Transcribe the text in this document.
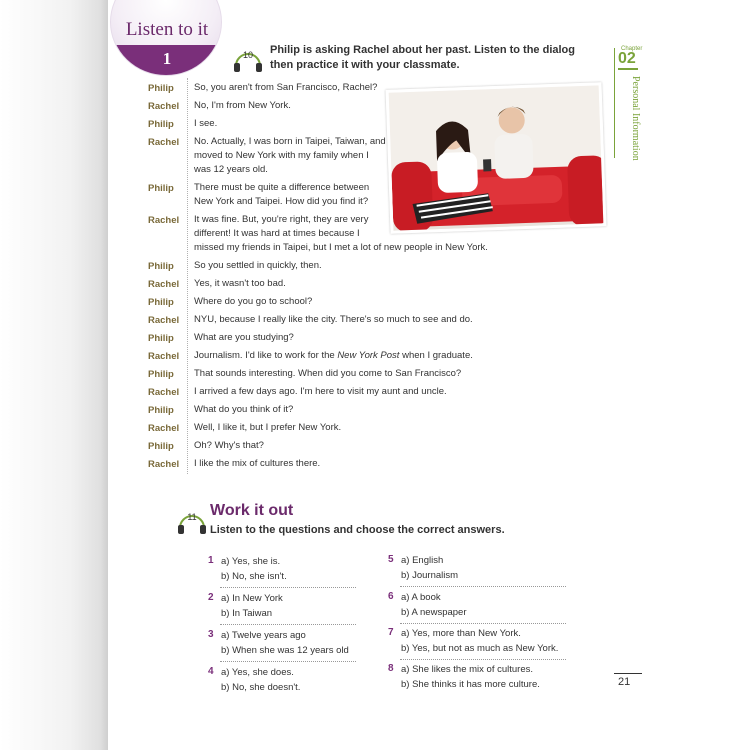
Listen to it
1	10	Philip is asking Rachel about her past. Listen to the dialog then practice it with your classmate.
Chapter
02
Personal Information
Philip	So, you aren't from San Francisco, Rachel?
Rachel	No, I'm from New York.
Philip	I see.
Rachel	No. Actually, I was born in Taipei, Taiwan, and
moved to New York with my family when I
was 12 years old.
Philip	There must be quite a difference between
New York and Taipei. How did you find it?
Rachel	It was fine. But, you're right, they are very
different! It was hard at times because I
missed my friends in Taipei, but I met a lot of new people in New York.
Philip	So you settled in quickly, then.
Rachel	Yes, it wasn't too bad.
Philip	Where do you go to school?
Rachel	NYU, because I really like the city. There's so much to see and do.
Philip	What are you studying?
Rachel	Journalism. I'd like to work for the New York Post when I graduate.
Philip	That sounds interesting. When did you come to San Francisco?
Rachel	I arrived a few days ago. I'm here to visit my aunt and uncle.
Philip	What do you think of it?
Rachel	Well, I like it, but I prefer New York.
Philip	Oh? Why's that?
Rachel	I like the mix of cultures there.
11 Work it out
Listen to the questions and choose the correct answers.
1 a) Yes, she is.
b) No, she isn't.
2 a) In New York
b) In Taiwan
3 a) Twelve years ago
b) When she was 12 years old
4 a) Yes, she does.
b) No, she doesn't.
5 a) English
b) Journalism
6 a) A book
b) A newspaper
7 a) Yes, more than New York.
b) Yes, but not as much as New York.
8 a) She likes the mix of cultures.
b) She thinks it has more culture.	21
